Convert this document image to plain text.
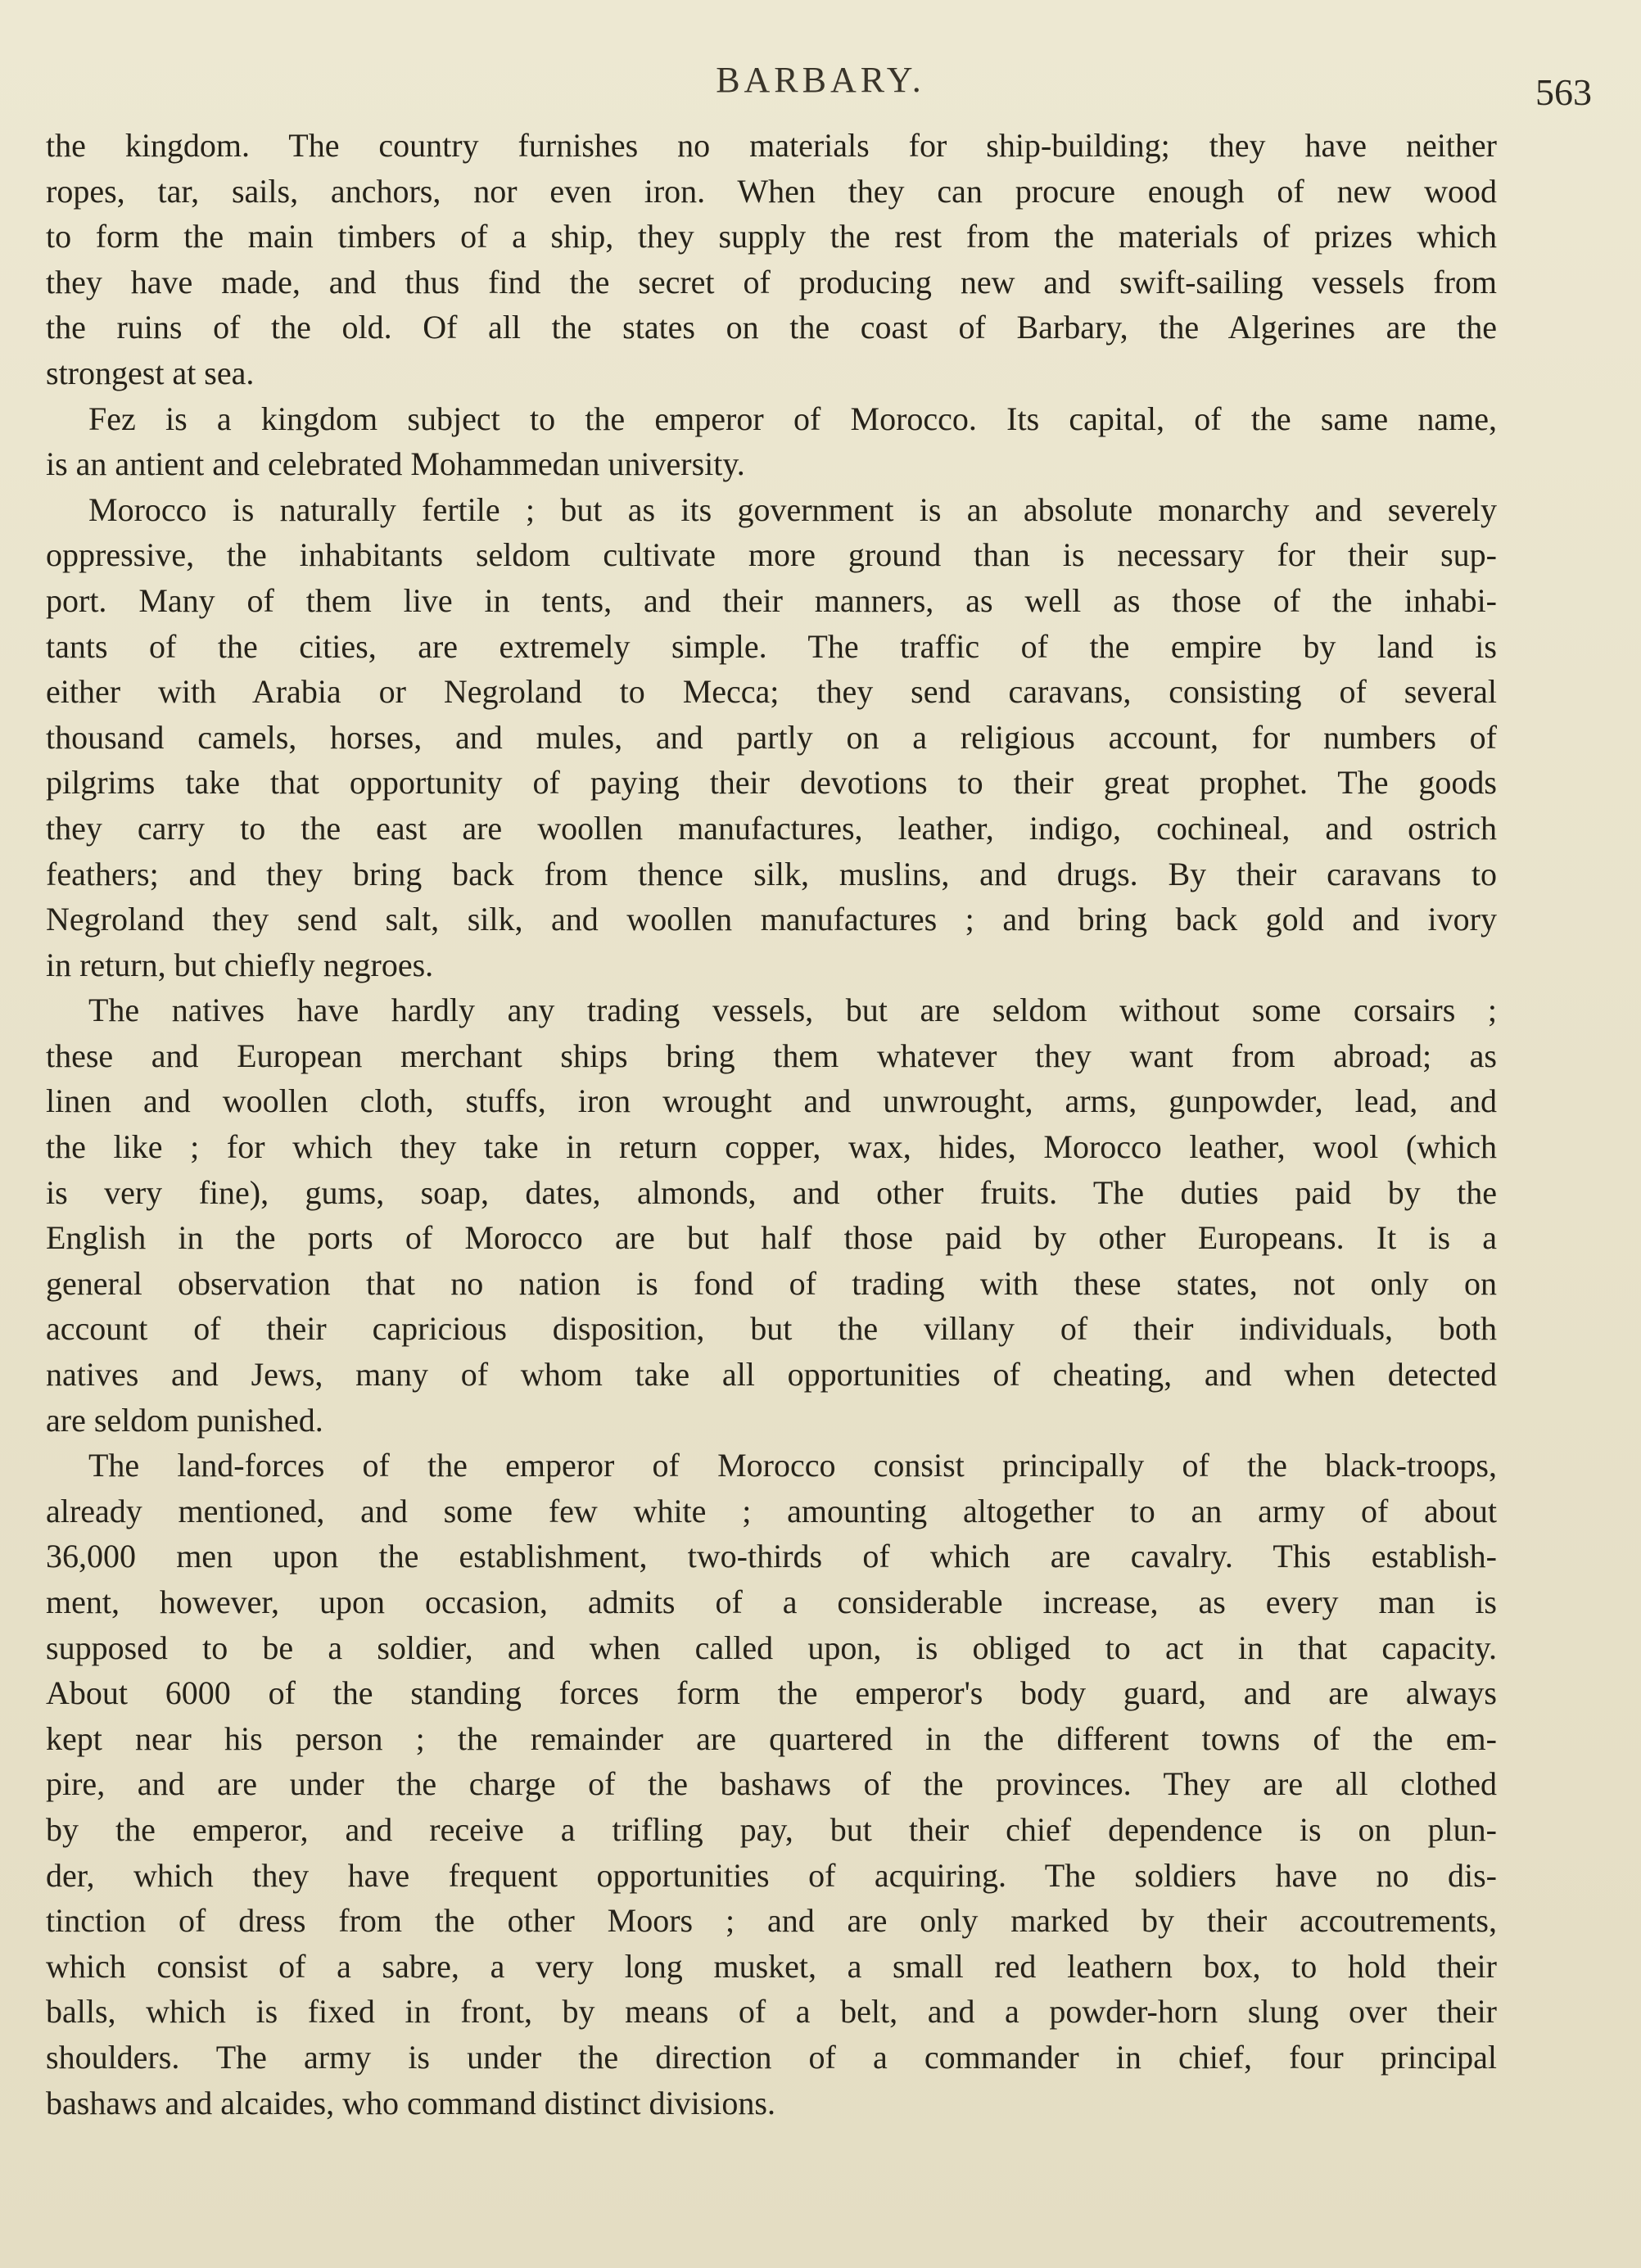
BARBARY.	563
the kingdom. The country furnishes no materials for ship-building; they have neither
ropes, tar, sails, anchors, nor even iron. When they can procure enough of new wood
to form the main timbers of a ship, they supply the rest from the materials of prizes which
they have made, and thus find the secret of producing new and swift-sailing vessels from
the ruins of the old. Of all the states on the coast of Barbary, the Algerines are the
strongest at sea.
Fez is a kingdom subject to the emperor of Morocco. Its capital, of the same name,
is an antient and celebrated Mohammedan university.
Morocco is naturally fertile ; but as its government is an absolute monarchy and severely
oppressive, the inhabitants seldom cultivate more ground than is necessary for their sup-
port. Many of them live in tents, and their manners, as well as those of the inhabi-
tants of the cities, are extremely simple. The traffic of the empire by land is
either with Arabia or Negroland to Mecca; they send caravans, consisting of several
thousand camels, horses, and mules, and partly on a religious account, for numbers of
pilgrims take that opportunity of paying their devotions to their great prophet. The goods
they carry to the east are woollen manufactures, leather, indigo, cochineal, and ostrich
feathers; and they bring back from thence silk, muslins, and drugs. By their caravans to
Negroland they send salt, silk, and woollen manufactures ; and bring back gold and ivory
in return, but chiefly negroes.
The natives have hardly any trading vessels, but are seldom without some corsairs ;
these and European merchant ships bring them whatever they want from abroad; as
linen and woollen cloth, stuffs, iron wrought and unwrought, arms, gunpowder, lead, and
the like ; for which they take in return copper, wax, hides, Morocco leather, wool (which
is very fine), gums, soap, dates, almonds, and other fruits. The duties paid by the
English in the ports of Morocco are but half those paid by other Europeans. It is a
general observation that no nation is fond of trading with these states, not only on
account of their capricious disposition, but the villany of their individuals, both
natives and Jews, many of whom take all opportunities of cheating, and when detected
are seldom punished.
The land-forces of the emperor of Morocco consist principally of the black-troops,
already mentioned, and some few white ; amounting altogether to an army of about
36,000 men upon the establishment, two-thirds of which are cavalry. This establish-
ment, however, upon occasion, admits of a considerable increase, as every man is
supposed to be a soldier, and when called upon, is obliged to act in that capacity.
About 6000 of the standing forces form the emperor's body guard, and are always
kept near his person ; the remainder are quartered in the different towns of the em-
pire, and are under the charge of the bashaws of the provinces. They are all clothed
by the emperor, and receive a trifling pay, but their chief dependence is on plun-
der, which they have frequent opportunities of acquiring. The soldiers have no dis-
tinction of dress from the other Moors ; and are only marked by their accoutrements,
which consist of a sabre, a very long musket, a small red leathern box, to hold their
balls, which is fixed in front, by means of a belt, and a powder-horn slung over their
shoulders. The army is under the direction of a commander in chief, four principal
bashaws and alcaides, who command distinct divisions.
